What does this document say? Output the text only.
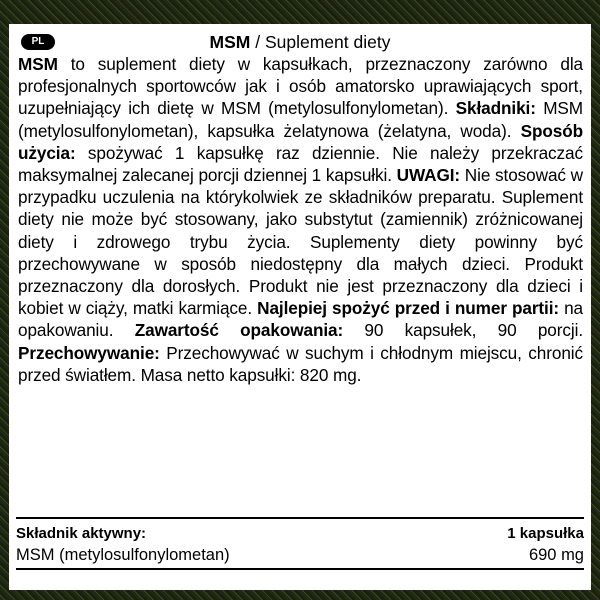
PL	MSM / Suplement diety
MSM to suplement diety w kapsułkach, przeznaczony zarówno dla profesjonalnych sportowców jak i osób amatorsko uprawiających sport, uzupełniający ich dietę w MSM (metylosulfonylometan). Składniki: MSM (metylosulfonylometan), kapsułka żelatynowa (żelatyna, woda). Sposób użycia: spożywać 1 kapsułkę raz dziennie. Nie należy przekraczać maksymalnej zalecanej porcji dziennej 1 kapsułki. UWAGI: Nie stosować w przypadku uczulenia na którykolwiek ze składników preparatu. Suplement diety nie może być stosowany, jako substytut (zamiennik) zróżnicowanej diety i zdrowego trybu życia. Suplementy diety powinny być przechowywane w sposób niedostępny dla małych dzieci. Produkt przeznaczony dla dorosłych. Produkt nie jest przeznaczony dla dzieci i kobiet w ciąży, matki karmiące. Najlepiej spożyć przed i numer partii: na opakowaniu. Zawartość opakowania: 90 kapsułek, 90 porcji. Przechowywanie: Przechowywać w suchym i chłodnym miejscu, chronić przed światłem. Masa netto kapsułki: 820 mg.
Składnik aktywny:	1 kapsułka
MSM (metylosulfonylometan)	690 mg
